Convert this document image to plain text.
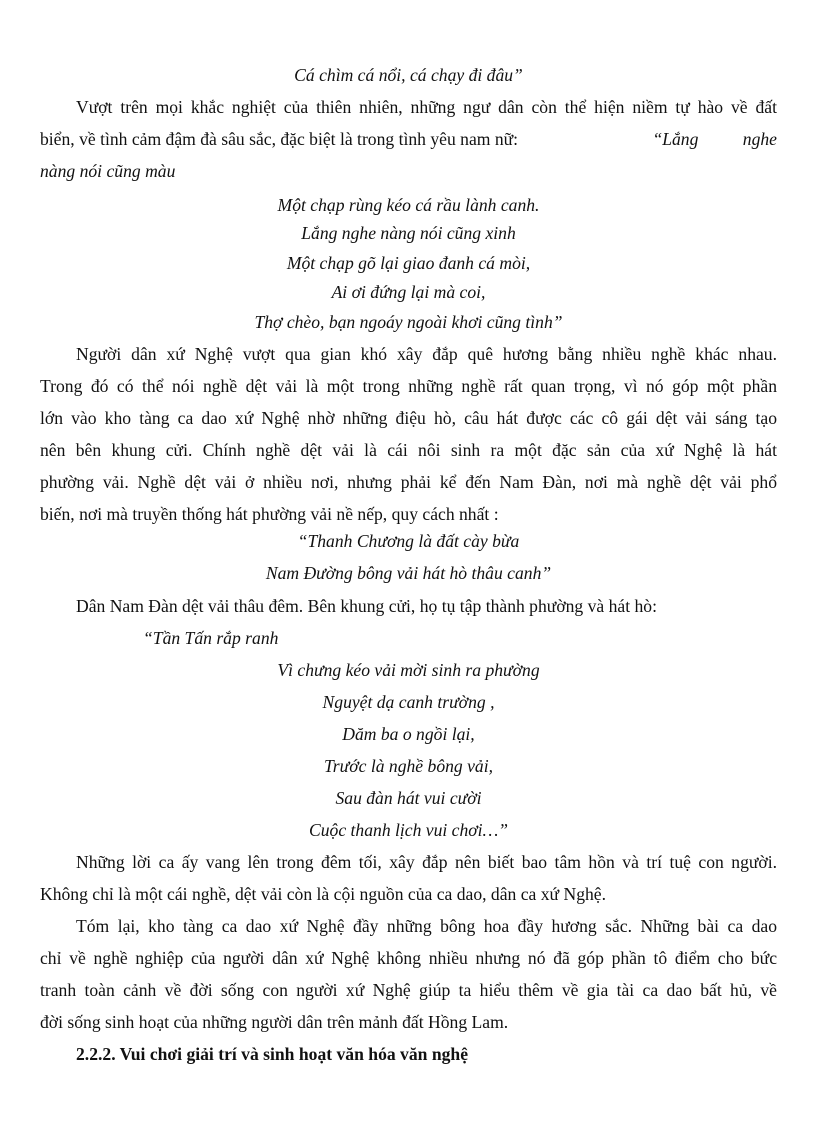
Cá chìm cá nổi, cá chạy đi đâu”
Vượt trên mọi khắc nghiệt của thiên nhiên, những ngư dân còn thể hiện niềm tự hào về đất
biển, về tình cảm đậm đà sâu sắc, đặc biệt là trong tình yêu nam nữ:	“Lắng nghe
nàng nói cũng màu
Một chạp rùng kéo cá rầu lành canh.
Lắng nghe nàng nói cũng xinh
Một chạp gõ lại giao đanh cá mòi,
Ai ơi đứng lại mà coi,
Thợ chèo, bạn ngoáy ngoài khơi cũng tình”
Người dân xứ Nghệ vượt qua gian khó xây đắp quê hương bằng nhiều nghề khác nhau.
Trong đó có thể nói nghề dệt vải là một trong những nghề rất quan trọng, vì nó góp một phần
lớn vào kho tàng ca dao xứ Nghệ nhờ những điệu hò, câu hát được các cô gái dệt vải sáng tạo
nên bên khung cửi. Chính nghề dệt vải là cái nôi sinh ra một đặc sản của xứ Nghệ là hát
phường vải. Nghề dệt vải ở nhiều nơi, nhưng phải kể đến Nam Đàn, nơi mà nghề dệt vải phổ
biến, nơi mà truyền thống hát phường vải nề nếp, quy cách nhất :
“Thanh Chương là đất cày bừa
Nam Đường bông vải hát hò thâu canh”
Dân Nam Đàn dệt vải thâu đêm. Bên khung cửi, họ tụ tập thành phường và hát hò:
“Tần Tấn rắp ranh
Vì chưng kéo vải mời sinh ra phường
Nguyệt dạ canh trường ,
Dăm ba o ngồi lại,
Trước là nghề bông vải,
Sau đàn hát vui cười
Cuộc thanh lịch vui chơi…”
Những lời ca ấy vang lên trong đêm tối, xây đắp nên biết bao tâm hồn và trí tuệ con người.
Không chỉ là một cái nghề, dệt vải còn là cội nguồn của ca dao, dân ca xứ Nghệ.
Tóm lại, kho tàng ca dao xứ Nghệ đầy những bông hoa đầy hương sắc. Những bài ca dao
chỉ về nghề nghiệp của người dân xứ Nghệ không nhiều nhưng nó đã góp phần tô điểm cho bức
tranh toàn cảnh về đời sống con người xứ Nghệ giúp ta hiểu thêm về gia tài ca dao bất hủ, về
đời sống sinh hoạt của những người dân trên mảnh đất Hồng Lam.
2.2.2. Vui chơi giải trí và sinh hoạt văn hóa văn nghệ
